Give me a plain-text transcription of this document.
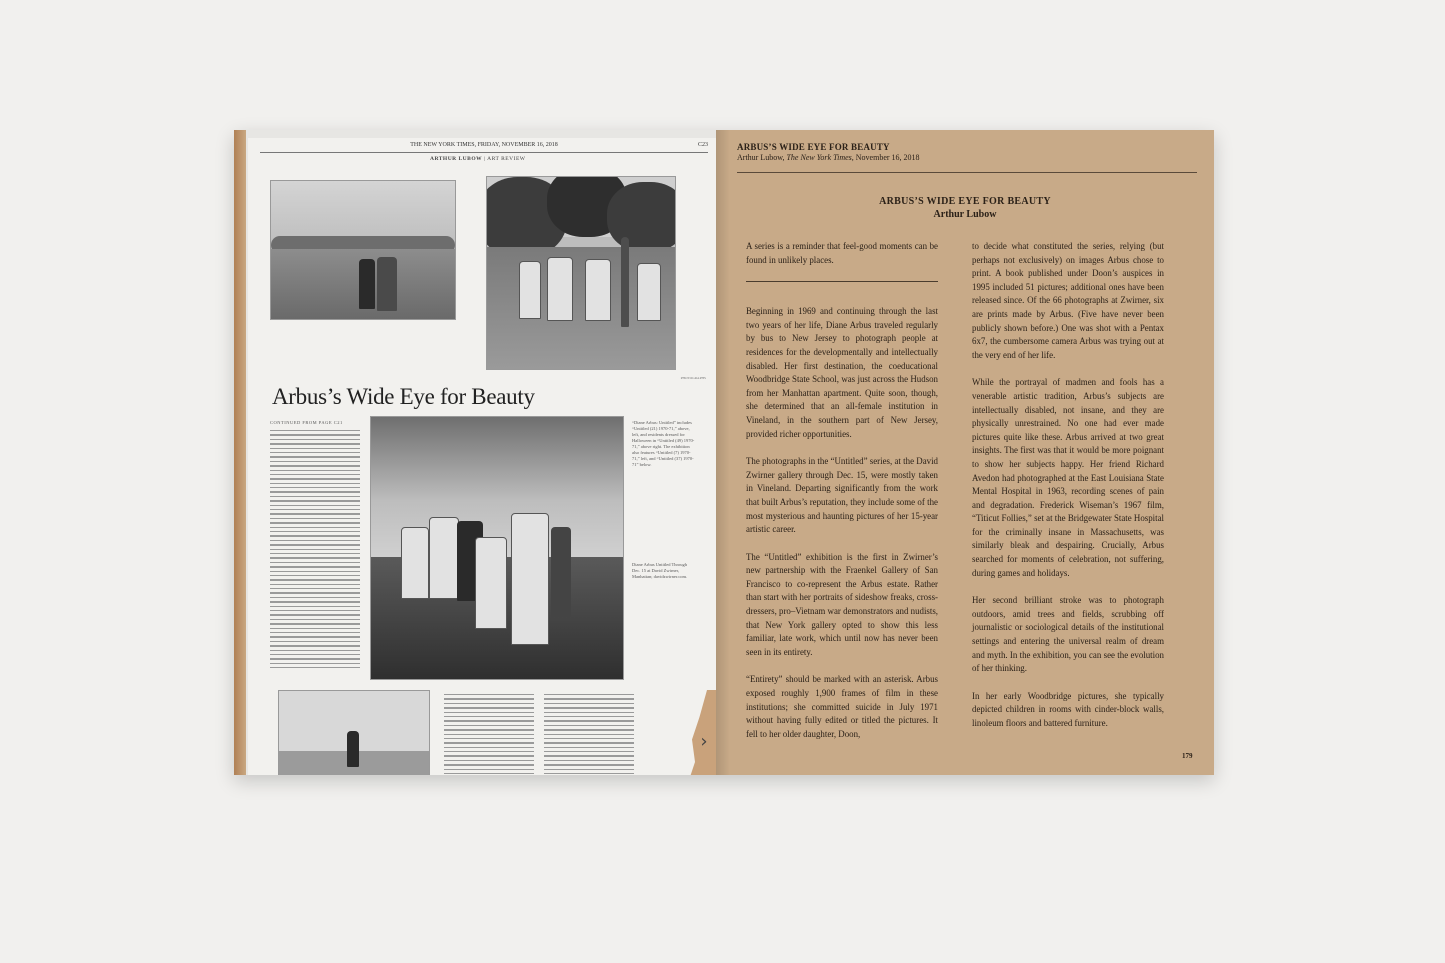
THE NEW YORK TIMES, FRIDAY, NOVEMBER 16, 2018	C23
ARTHUR LUBOW | ART REVIEW
PHOTOGRAPHS
Arbus’s Wide Eye for Beauty
CONTINUED FROM PAGE C21	“Diane Arbus: Untitled” includes “Untitled (21) 1970-71,” above, left, and residents dressed for Halloween in “Untitled (49) 1970-71,” above right. The exhibition also features “Untitled (7) 1970-71,” left, and “Untitled (37) 1970-71” below.
Diane Arbus Untitled Through Dec. 15 at David Zwirner, Manhattan; davidzwirner.com.
›
ARBUS’S WIDE EYE FOR BEAUTY
Arthur Lubow, The New York Times, November 16, 2018
ARBUS’S WIDE EYE FOR BEAUTY
Arthur Lubow

A series is a reminder that feel-good moments can be found in unlikely places.

Beginning in 1969 and continuing through the last two years of her life, Diane Arbus traveled regularly by bus to New Jersey to photograph people at residences for the developmentally and intellectually disabled. Her first destination, the coeducational Woodbridge State School, was just across the Hudson from her Manhattan apartment. Quite soon, though, she determined that an all-female institution in Vineland, in the southern part of New Jersey, provided richer opportunities.

The photographs in the “Untitled” series, at the David Zwirner gallery through Dec. 15, were mostly taken in Vineland. Departing significantly from the work that built Arbus’s reputation, they include some of the most mysterious and haunting pictures of her 15-year artistic career.

The “Untitled” exhibition is the first in Zwirner’s new partnership with the Fraenkel Gallery of San Francisco to co-represent the Arbus estate. Rather than start with her portraits of sideshow freaks, cross-dressers, pro–Vietnam war demonstrators and nudists, that New York gallery opted to show this less familiar, late work, which until now has never been seen in its entirety.

“Entirety” should be marked with an asterisk. Arbus exposed roughly 1,900 frames of film in these institutions; she committed suicide in July 1971 without having fully edited or titled the pictures. It fell to her older daughter, Doon,

to decide what constituted the series, relying (but perhaps not exclusively) on images Arbus chose to print. A book published under Doon’s auspices in 1995 included 51 pictures; additional ones have been released since. Of the 66 photographs at Zwirner, six are prints made by Arbus. (Five have never been publicly shown before.) One was shot with a Pentax 6x7, the cumbersome camera Arbus was trying out at the very end of her life.

While the portrayal of madmen and fools has a venerable artistic tradition, Arbus’s subjects are intellectually disabled, not insane, and they are physically unrestrained. No one had ever made pictures quite like these. Arbus arrived at two great insights. The first was that it would be more poignant to show her subjects happy. Her friend Richard Avedon had photographed at the East Louisiana State Mental Hospital in 1963, recording scenes of pain and degradation. Frederick Wiseman’s 1967 film, “Titicut Follies,” set at the Bridgewater State Hospital for the criminally insane in Massachusetts, was similarly bleak and despairing. Crucially, Arbus searched for moments of celebration, not suffering, during games and holidays.

Her second brilliant stroke was to photograph outdoors, amid trees and fields, scrubbing off journalistic or sociological details of the institutional settings and entering the universal realm of dream and myth. In the exhibition, you can see the evolution of her thinking.

In her early Woodbridge pictures, she typically depicted children in rooms with cinder-block walls, linoleum floors and battered furniture.

179
